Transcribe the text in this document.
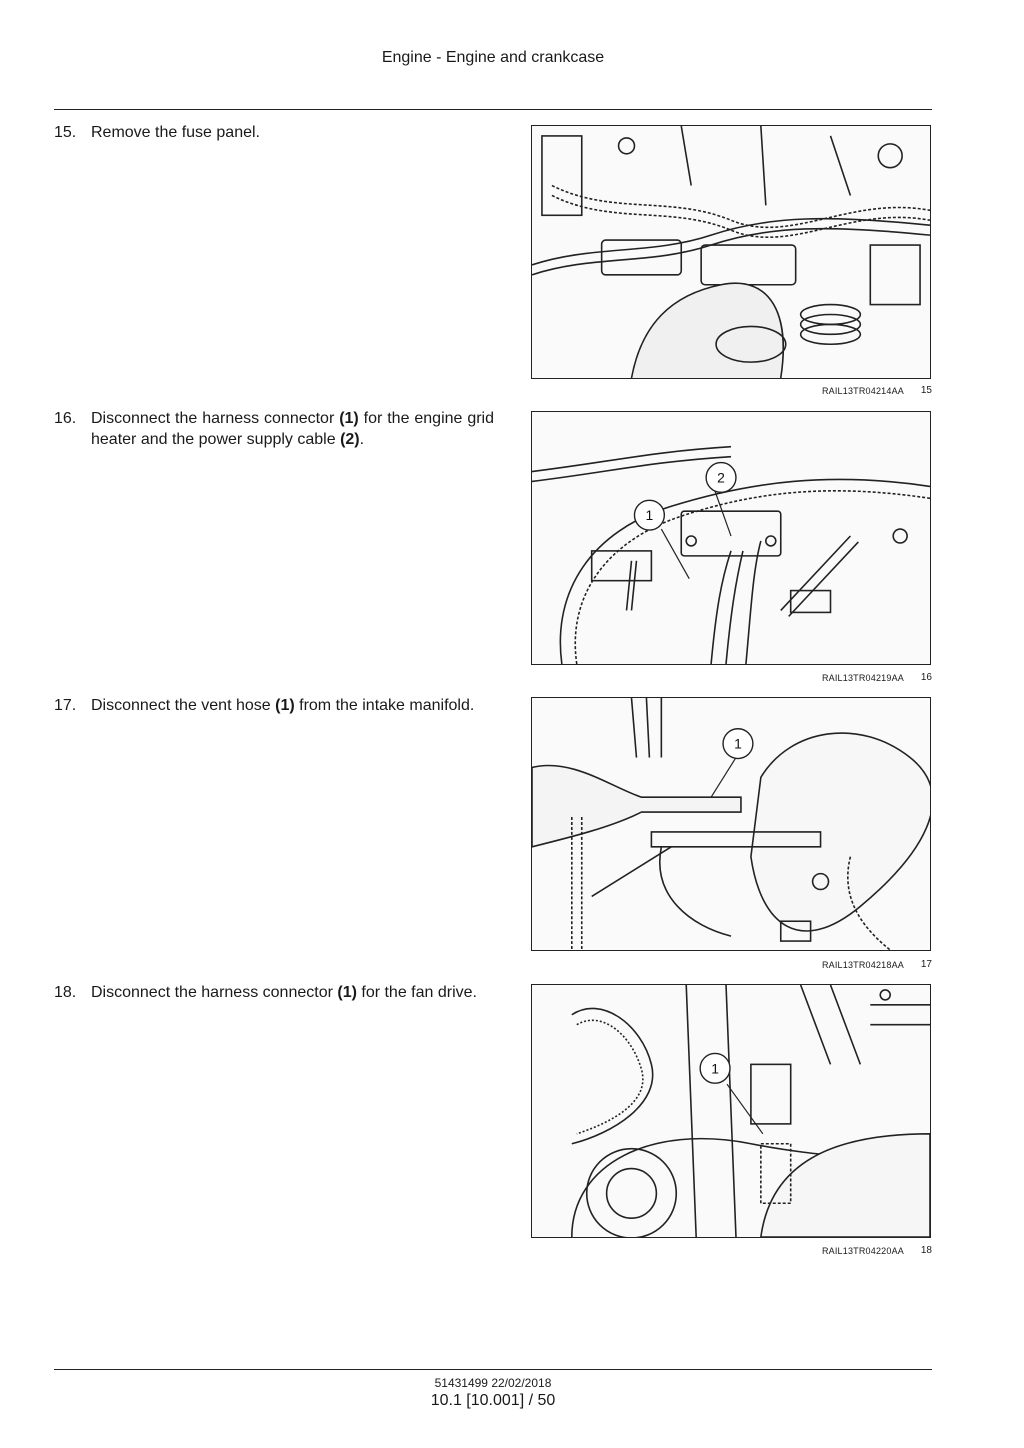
Engine - Engine and crankcase
15. Remove the fuse panel.
RAIL13TR04214AA	15
16. Disconnect the harness connector (1) for the engine grid heater and the power supply cable (2).
1
2
RAIL13TR04219AA	16
17. Disconnect the vent hose (1) from the intake manifold.
1
RAIL13TR04218AA	17
18. Disconnect the harness connector (1) for the fan drive.
1
RAIL13TR04220AA	18
51431499 22/02/2018
10.1 [10.001] / 50
